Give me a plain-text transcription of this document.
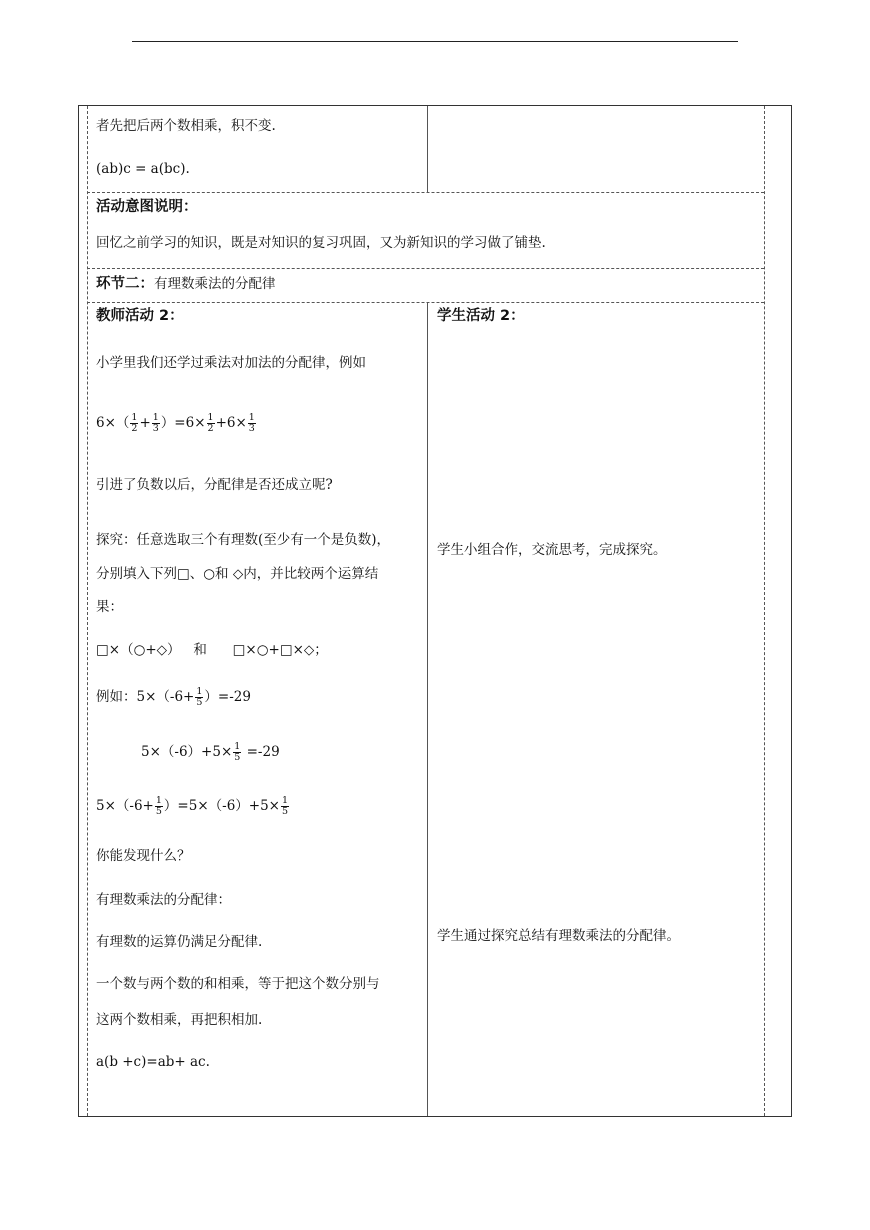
者先把后两个数相乘，积不变.
(ab)c = a(bc).
活动意图说明：
回忆之前学习的知识，既是对知识的复习巩固，又为新知识的学习做了铺垫.
环节二：有理数乘法的分配律
教师活动 2：
小学里我们还学过乘法对加法的分配律，例如
$6\times( \frac{1}{2} + \frac{1}{3} )=6\times \frac{1}{2} +6\times \frac{1}{3}$
引进了负数以后，分配律是否还成立呢?
探究：任意选取三个有理数(至少有一个是负数)，
分别填入下列□、○和 ◇内，并比较两个运算结
果：
□×（○+◇）   和      □×○+□×◇；
例如：$5\times(-6+ \frac{1}{5} )=-29$
$5\times(-6)+5\times \frac{1}{5} =-29$
$5\times(-6+ \frac{1}{5} )=5\times(-6)+5\times \frac{1}{5}$
你能发现什么？
有理数乘法的分配律：
有理数的运算仍满足分配律.
一个数与两个数的和相乘，等于把这个数分别与
这两个数相乘，再把积相加.
a(b +c)=ab+ ac.
学生活动 2：
学生小组合作，交流思考，完成探究。
学生通过探究总结有理数乘法的分配律。
